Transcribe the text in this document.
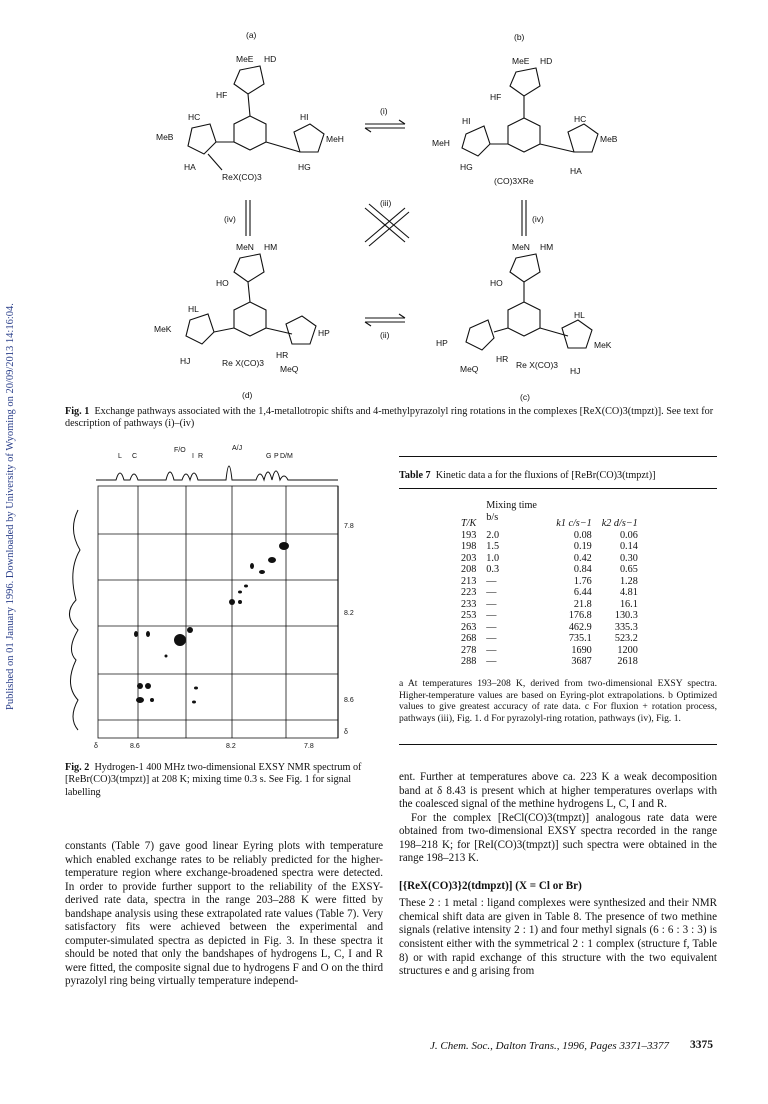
Published on 01 January 1996. Downloaded by University of Wyoming on 20/09/2013 14:16:04.
(a)	(b)
(c)
(d)
(i)
(ii)
(iii)
(iv)	(iv)
ReX(CO)3	(CO)3XRe
Re X(CO)3
Re X(CO)3
MeE HD
HF
HC	HI
MeB	MeH
HA	HG
MeE HD
HF
HI	HC
MeH	MeB
HG	HA
MeN HM
HO
HL
MeK	HP
HJ
HR
MeQ
MeN HM
HO
HL
HP	MeK
MeQ
HR
HJ
Fig. 1 Exchange pathways associated with the 1,4-metallotropic shifts and 4-methylpyrazolyl ring rotations in the complexes [ReX(CO)3(tmpzt)]. See text for description of pathways (i)–(iv)
L C
F/O
I R
A/J
G P D/M
δ	8.6	8.2	7.8
7.8
8.2
8.6
δ
Fig. 2 Hydrogen-1 400 MHz two-dimensional EXSY NMR spectrum of [ReBr(CO)3(tmpzt)] at 208 K; mixing time 0.3 s. See Fig. 1 for signal labelling
Table 7 Kinetic data a for the fluxions of [ReBr(CO)3(tmpzt)]
T/K	Mixing time b/s	k1 c/s−1	k2 d/s−1
193	2.0	0.08	0.06
198	1.5	0.19	0.14
203	1.0	0.42	0.30
208	0.3	0.84	0.65
213	—	1.76	1.28
223	—	6.44	4.81
233	—	21.8	16.1
253	—	176.8	130.3
263	—	462.9	335.3
268	—	735.1	523.2
278	—	1690	1200
288	—	3687	2618
a At temperatures 193–208 K, derived from two-dimensional EXSY spectra. Higher-temperature values are based on Eyring-plot extrapolations. b Optimized values to give greatest accuracy of rate data. c For fluxion + rotation process, pathways (iii), Fig. 1. d For pyrazolyl-ring rotation, pathways (iv), Fig. 1.

constants (Table 7) gave good linear Eyring plots with temperature which enabled exchange rates to be reliably predicted for the higher-temperature region where exchange-broadened spectra were detected. In order to provide further support to the reliability of the EXSY-derived rate data, spectra in the range 203–288 K were fitted by bandshape analysis using these extrapolated rate values (Table 7). Very satisfactory fits were achieved between the experimental and computer-simulated spectra as depicted in Fig. 3. In these spectra it should be noted that only the bandshapes of hydrogens L, C, I and R were fitted, the composite signal due to hydrogens F and O on the third pyrazolyl ring being virtually temperature independ-

ent. Further at temperatures above ca. 223 K a weak decomposition band at δ 8.43 is present which at higher temperatures overlaps with the coalesced signal of the methine hydrogens L, C, I and R.

For the complex [ReCl(CO)3(tmpzt)] analogous rate data were obtained from two-dimensional EXSY spectra recorded in the range 198–218 K; for [ReI(CO)3(tmpzt)] such spectra were obtained in the range 198–213 K.

[{ReX(CO)3}2(tdmpzt)] (X = Cl or Br)

These 2 : 1 metal : ligand complexes were synthesized and their NMR chemical shift data are given in Table 8. The presence of two methine signals (relative intensity 2 : 1) and four methyl signals (6 : 6 : 3 : 3) is consistent either with the symmetrical 2 : 1 complex (structure f, Table 8) or with rapid exchange of this structure with the two equivalent structures e and g arising from

J. Chem. Soc., Dalton Trans., 1996, Pages 3371–3377 3375
